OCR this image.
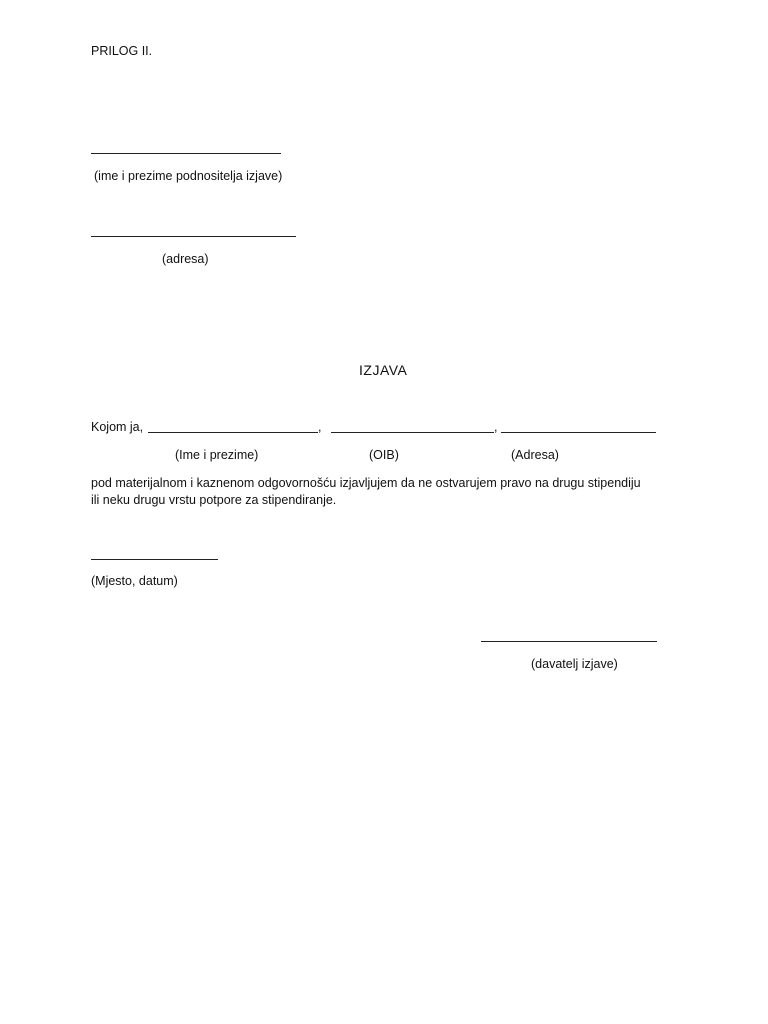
PRILOG II.
(ime i prezime podnositelja izjave)
(adresa)
IZJAVA
Kojom ja,	,	,
(Ime i prezime)	(OIB)	(Adresa)
pod materijalnom i kaznenom odgovornošću izjavljujem da ne ostvarujem pravo na drugu stipendiju
ili neku drugu vrstu potpore za stipendiranje.
(Mjesto, datum)
(davatelj izjave)
